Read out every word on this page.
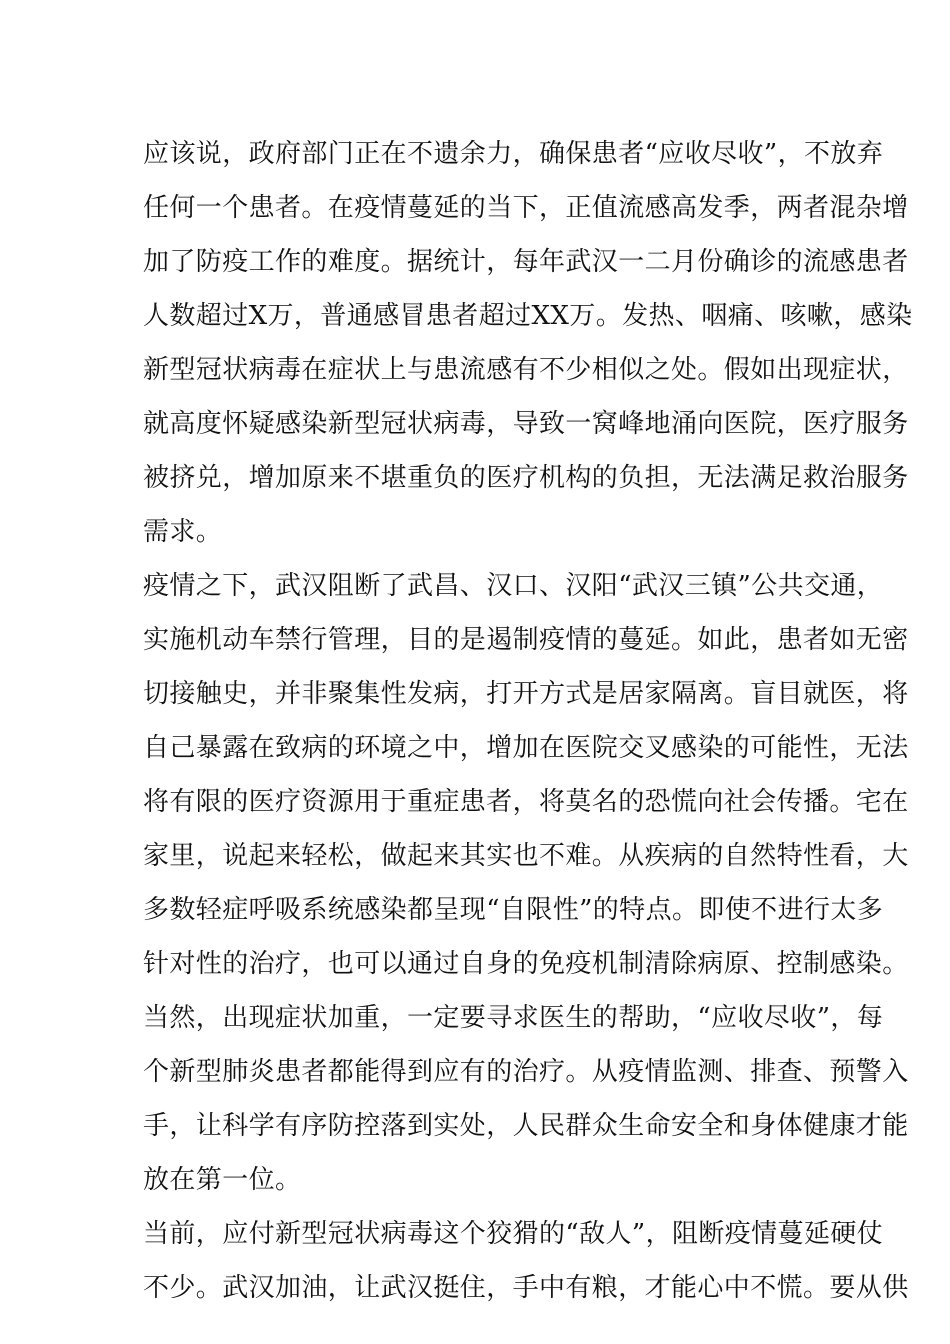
应该说，政府部门正在不遗余力，确保患者“应收尽收”，不放弃
任何一个患者。在疫情蔓延的当下，正值流感高发季，两者混杂增
加了防疫工作的难度。据统计，每年武汉一二月份确诊的流感患者
人数超过X万，普通感冒患者超过XX万。发热、咽痛、咳嗽，感染
新型冠状病毒在症状上与患流感有不少相似之处。假如出现症状，
就高度怀疑感染新型冠状病毒，导致一窝峰地涌向医院，医疗服务
被挤兑，增加原来不堪重负的医疗机构的负担，无法满足救治服务
需求。
疫情之下，武汉阻断了武昌、汉口、汉阳“武汉三镇”公共交通，
实施机动车禁行管理，目的是遏制疫情的蔓延。如此，患者如无密
切接触史，并非聚集性发病，打开方式是居家隔离。盲目就医，将
自己暴露在致病的环境之中，增加在医院交叉感染的可能性，无法
将有限的医疗资源用于重症患者，将莫名的恐慌向社会传播。宅在
家里，说起来轻松，做起来其实也不难。从疾病的自然特性看，大
多数轻症呼吸系统感染都呈现“自限性”的特点。即使不进行太多
针对性的治疗，也可以通过自身的免疫机制清除病原、控制感染。
当然，出现症状加重，一定要寻求医生的帮助，“应收尽收”，每
个新型肺炎患者都能得到应有的治疗。从疫情监测、排查、预警入
手，让科学有序防控落到实处，人民群众生命安全和身体健康才能
放在第一位。
当前，应付新型冠状病毒这个狡猾的“敌人”，阻断疫情蔓延硬仗
不少。武汉加油，让武汉挺住，手中有粮，才能心中不慌。要从供
